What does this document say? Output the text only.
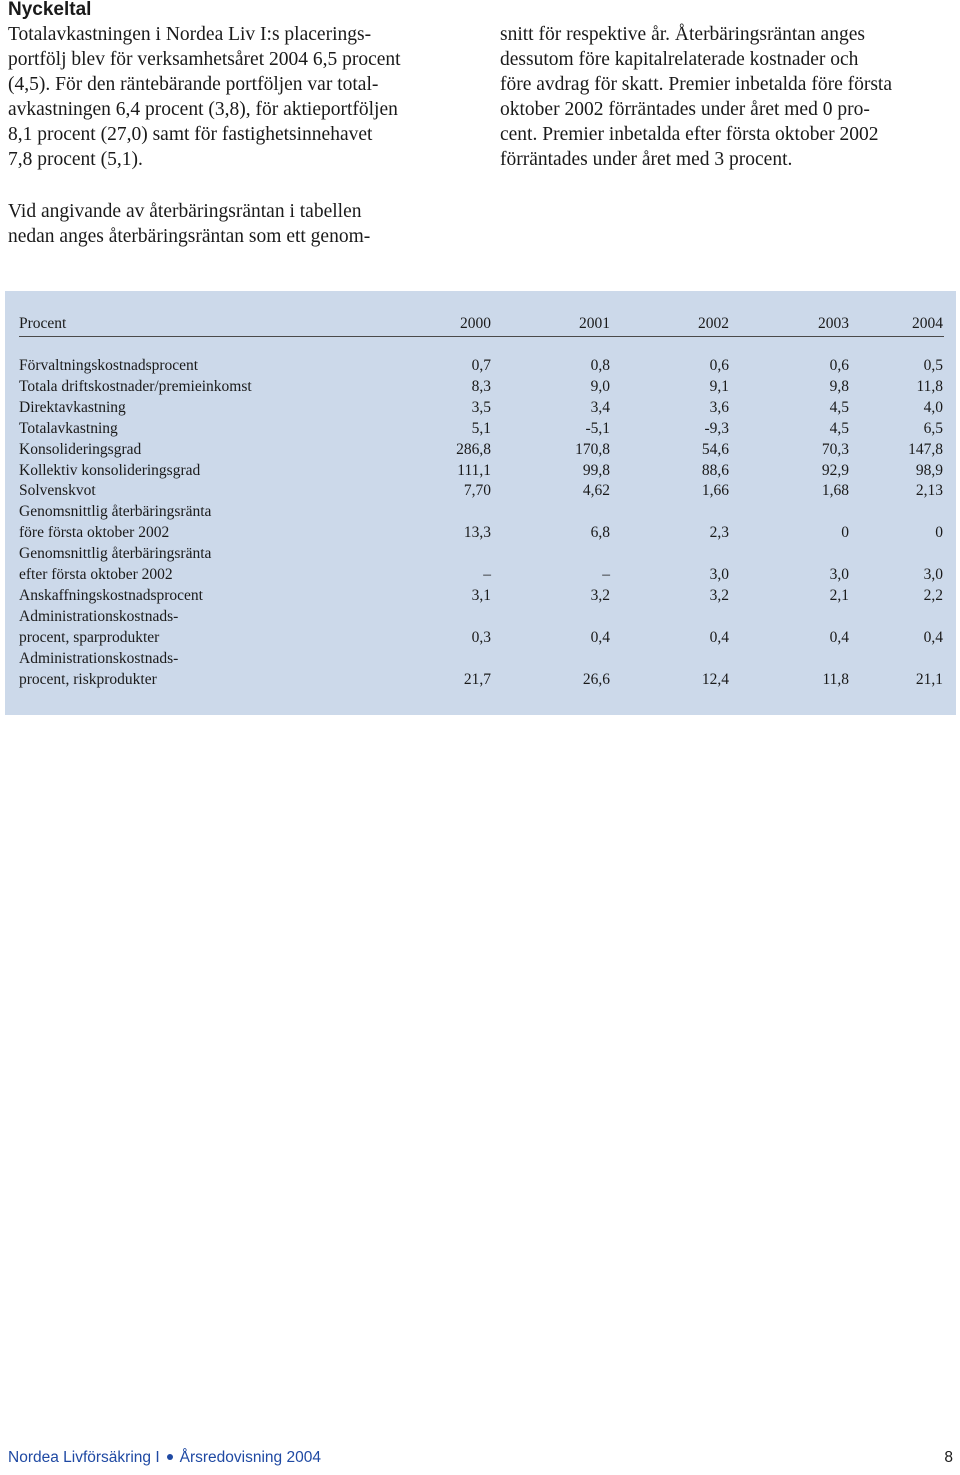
Nyckeltal
Totalavkastningen i Nordea Liv I:s placerings-
portfölj blev för verksamhetsåret 2004 6,5 procent
(4,5). För den räntebärande portföljen var total-
avkastningen 6,4 procent (3,8), för aktieportföljen
8,1 procent (27,0) samt för fastighetsinnehavet
7,8 procent (5,1).
Vid angivande av återbäringsräntan i tabellen
nedan anges återbäringsräntan som ett genom-
snitt för respektive år. Återbäringsräntan anges
dessutom före kapitalrelaterade kostnader och
före avdrag för skatt. Premier inbetalda före första
oktober 2002 förräntades under året med 0 pro-
cent. Premier inbetalda efter första oktober 2002
förräntades under året med 3 procent.
Procent	2000	2001	2002	2003	2004
Förvaltningskostnadsprocent	0,7	0,8	0,6	0,6	0,5
Totala driftskostnader/premieinkomst	8,3	9,0	9,1	9,8	11,8
Direktavkastning	3,5	3,4	3,6	4,5	4,0
Totalavkastning	5,1	-5,1	-9,3	4,5	6,5
Konsolideringsgrad	286,8	170,8	54,6	70,3	147,8
Kollektiv konsolideringsgrad	111,1	99,8	88,6	92,9	98,9
Solvenskvot	7,70	4,62	1,66	1,68	2,13
Genomsnittlig återbäringsränta
före första oktober 2002	13,3	6,8	2,3	0	0
Genomsnittlig återbäringsränta
efter första oktober 2002	–	–	3,0	3,0	3,0
Anskaffningskostnadsprocent	3,1	3,2	3,2	2,1	2,2
Administrationskostnads-
procent, sparprodukter	0,3	0,4	0,4	0,4	0,4
Administrationskostnads-
procent, riskprodukter	21,7	26,6	12,4	11,8	21,1
Nordea Livförsäkring I Årsredovisning 2004	8
